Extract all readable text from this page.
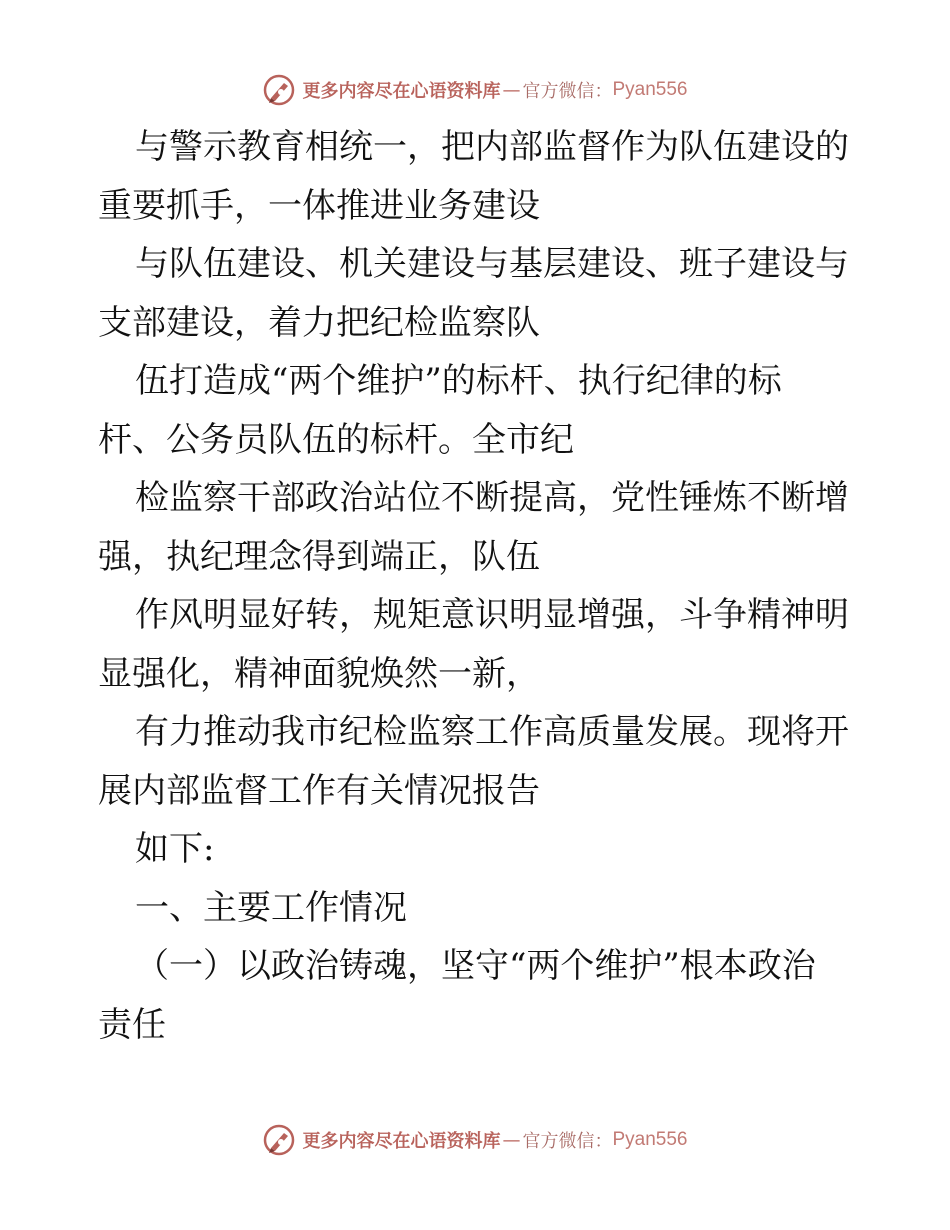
更多内容尽在心语资料库 — 官方微信： Pyan556
与警示教育相统一，把内部监督作为队伍建设的
重要抓手，一体推进业务建设
与队伍建设、机关建设与基层建设、班子建设与
支部建设，着力把纪检监察队
伍打造成“两个维护”的标杆、执行纪律的标
杆、公务员队伍的标杆。全市纪
检监察干部政治站位不断提高，党性锤炼不断增
强，执纪理念得到端正，队伍
作风明显好转，规矩意识明显增强，斗争精神明
显强化，精神面貌焕然一新，
有力推动我市纪检监察工作高质量发展。现将开
展内部监督工作有关情况报告
如下:
一、主要工作情况
（一）以政治铸魂，坚守“两个维护”根本政治
责任
更多内容尽在心语资料库 — 官方微信： Pyan556
